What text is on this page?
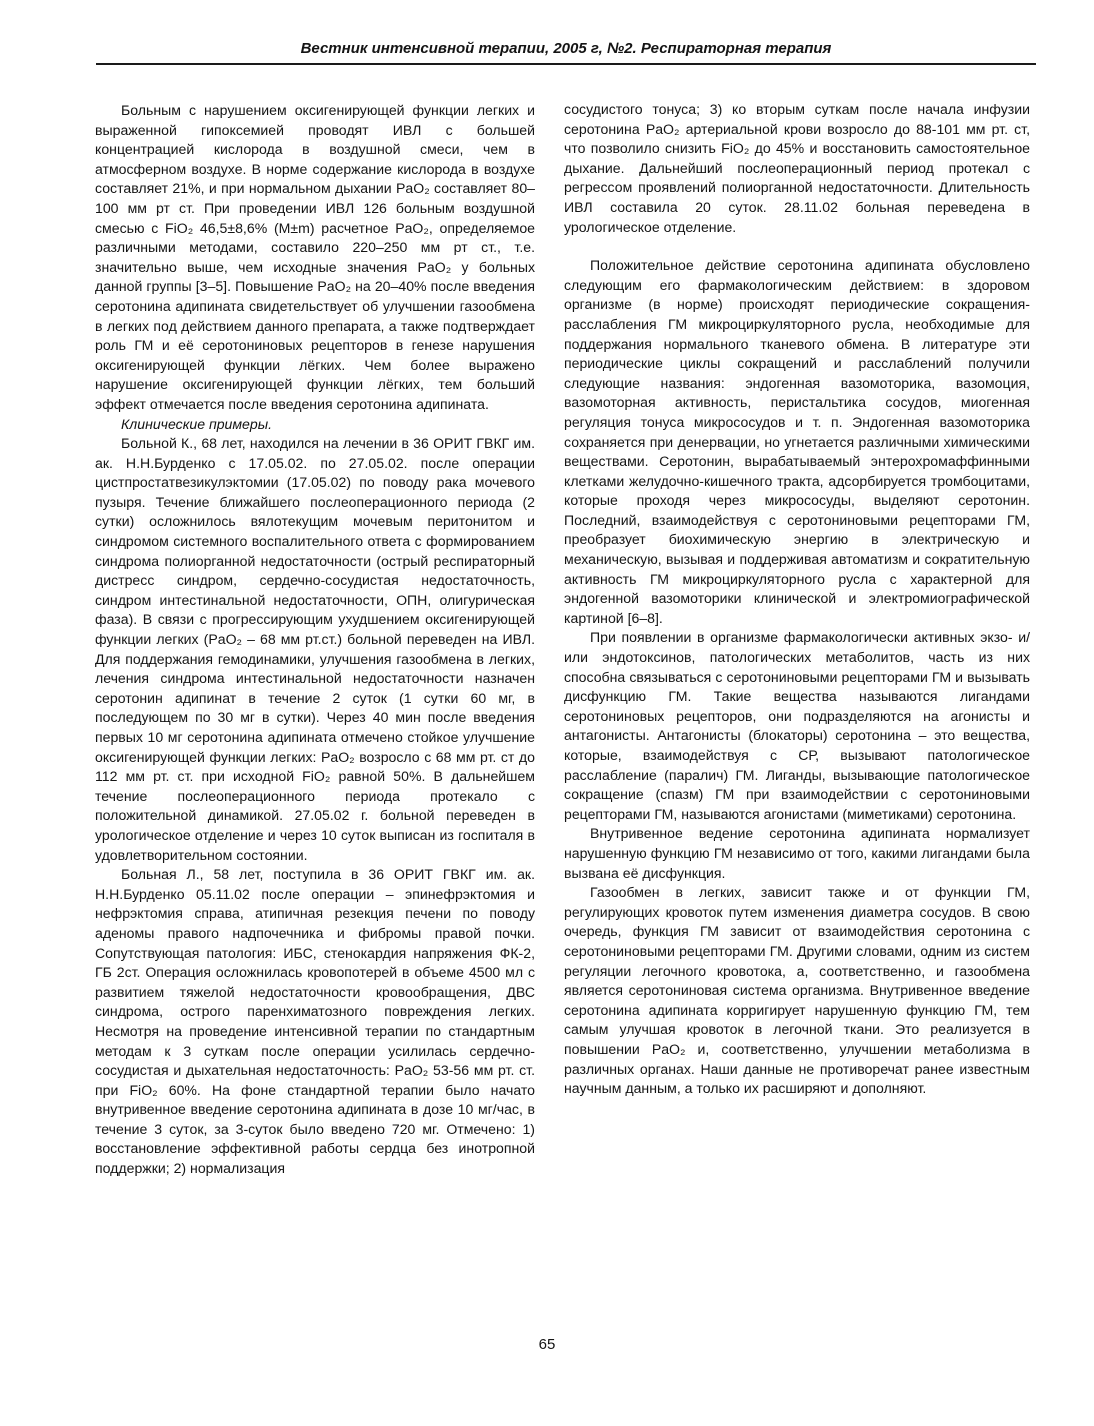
Вестник интенсивной терапии, 2005 г, №2. Респираторная терапия

Больным с нарушением оксигенирующей функции легких и выраженной гипоксемией проводят ИВЛ с большей концентрацией кислорода в воздушной смеси, чем в атмосферном воздухе. В норме содержание кислорода в воздухе составляет 21%, и при нормальном дыхании PaO₂ составляет 80–100 мм рт ст. При проведении ИВЛ 126 больным воздушной смесью с FiO₂ 46,5±8,6% (M±m) расчетное PaO₂, определяемое различными методами, составило 220–250 мм рт ст., т.е. значительно выше, чем исходные значения PaO₂ у больных данной группы [3–5]. Повышение PaO₂ на 20–40% после введения серотонина адипината свидетельствует об улучшении газообмена в легких под действием данного препарата, а также подтверждает роль ГМ и её серотониновых рецепторов в генезе нарушения оксигенирующей функции лёгких. Чем более выражено нарушение оксигенирующей функции лёгких, тем больший эффект отмечается после введения серотонина адипината.

Клинические примеры.

Больной К., 68 лет, находился на лечении в 36 ОРИТ ГВКГ им. ак. Н.Н.Бурденко с 17.05.02. по 27.05.02. после операции цистпростатвезикулэктомии (17.05.02) по поводу рака мочевого пузыря. Течение ближайшего послеоперационного периода (2 сутки) осложнилось вялотекущим мочевым перитонитом и синдромом системного воспалительного ответа с формированием синдрома полиорганной недостаточности (острый респираторный дистресс синдром, сердечно-сосудистая недостаточность, синдром интестинальной недостаточности, ОПН, олигурическая фаза). В связи с прогрессирующим ухудшением оксигенирующей функции легких (PaO₂ – 68 мм рт.ст.) больной переведен на ИВЛ. Для поддержания гемодинамики, улучшения газообмена в легких, лечения синдрома интестинальной недостаточности назначен серотонин адипинат в течение 2 суток (1 сутки 60 мг, в последующем по 30 мг в сутки). Через 40 мин после введения первых 10 мг серотонина адипината отмечено стойкое улучшение оксигенирующей функции легких: PaO₂ возросло с 68 мм рт. ст до 112 мм рт. ст. при исходной FiO₂ равной 50%. В дальнейшем течение послеоперационного периода протекало с положительной динамикой. 27.05.02 г. больной переведен в урологическое отделение и через 10 суток выписан из госпиталя в удовлетворительном состоянии.

Больная Л., 58 лет, поступила в 36 ОРИТ ГВКГ им. ак. Н.Н.Бурденко 05.11.02 после операции – эпинефрэктомия и нефрэктомия справа, атипичная резекция печени по поводу аденомы правого надпочечника и фибромы правой почки. Сопутствующая патология: ИБС, стенокардия напряжения ФК-2, ГБ 2ст. Операция осложнилась кровопотерей в объеме 4500 мл с развитием тяжелой недостаточности кровообращения, ДВС синдрома, острого паренхиматозного повреждения легких. Несмотря на проведение интенсивной терапии по стандартным методам к 3 суткам после операции усилилась сердечно-сосудистая и дыхательная недостаточность: PaO₂ 53-56 мм рт. ст. при FiO₂ 60%. На фоне стандартной терапии было начато внутривенное введение серотонина адипината в дозе 10 мг/час, в течение 3 суток, за 3-суток было введено 720 мг. Отмечено: 1) восстановление эффективной работы сердца без инотропной поддержки; 2) нормализация

сосудистого тонуса; 3) ко вторым суткам после начала инфузии серотонина PaO₂ артериальной крови возросло до 88-101 мм рт. ст, что позволило снизить FiO₂ до 45% и восстановить самостоятельное дыхание. Дальнейший послеоперационный период протекал с регрессом проявлений полиорганной недостаточности. Длительность ИВЛ составила 20 суток. 28.11.02 больная переведена в урологическое отделение.

Положительное действие серотонина адипината обусловлено следующим его фармакологическим действием: в здоровом организме (в норме) происходят периодические сокращения-расслабления ГМ микроциркуляторного русла, необходимые для поддержания нормального тканевого обмена. В литературе эти периодические циклы сокращений и расслаблений получили следующие названия: эндогенная вазомоторика, вазомоция, вазомоторная активность, перистальтика сосудов, миогенная регуляция тонуса микрососудов и т. п. Эндогенная вазомоторика сохраняется при денервации, но угнетается различными химическими веществами. Серотонин, вырабатываемый энтерохромаффинными клетками желудочно-кишечного тракта, адсорбируется тромбоцитами, которые проходя через микрососуды, выделяют серотонин. Последний, взаимодействуя с серотониновыми рецепторами ГМ, преобразует биохимическую энергию в электрическую и механическую, вызывая и поддерживая автоматизм и сократительную активность ГМ микроциркуляторного русла с характерной для эндогенной вазомоторики клинической и электромиографической картиной [6–8].

При появлении в организме фармакологически активных экзо- и/или эндотоксинов, патологических метаболитов, часть из них способна связываться с серотониновыми рецепторами ГМ и вызывать дисфункцию ГМ. Такие вещества называются лигандами серотониновых рецепторов, они подразделяются на агонисты и антагонисты. Антагонисты (блокаторы) серотонина – это вещества, которые, взаимодействуя с СР, вызывают патологическое расслабление (паралич) ГМ. Лиганды, вызывающие патологическое сокращение (спазм) ГМ при взаимодействии с серотониновыми рецепторами ГМ, называются агонистами (миметиками) серотонина.

Внутривенное ведение серотонина адипината нормализует нарушенную функцию ГМ независимо от того, какими лигандами была вызвана её дисфункция.

Газообмен в легких, зависит также и от функции ГМ, регулирующих кровоток путем изменения диаметра сосудов. В свою очередь, функция ГМ зависит от взаимодействия серотонина с серотониновыми рецепторами ГМ. Другими словами, одним из систем регуляции легочного кровотока, а, соответственно, и газообмена является серотониновая система организма. Внутривенное введение серотонина адипината корригирует нарушенную функцию ГМ, тем самым улучшая кровоток в легочной ткани. Это реализуется в повышении PaO₂ и, соответственно, улучшении метаболизма в различных органах. Наши данные не противоречат ранее известным научным данным, а только их расширяют и дополняют.

65
